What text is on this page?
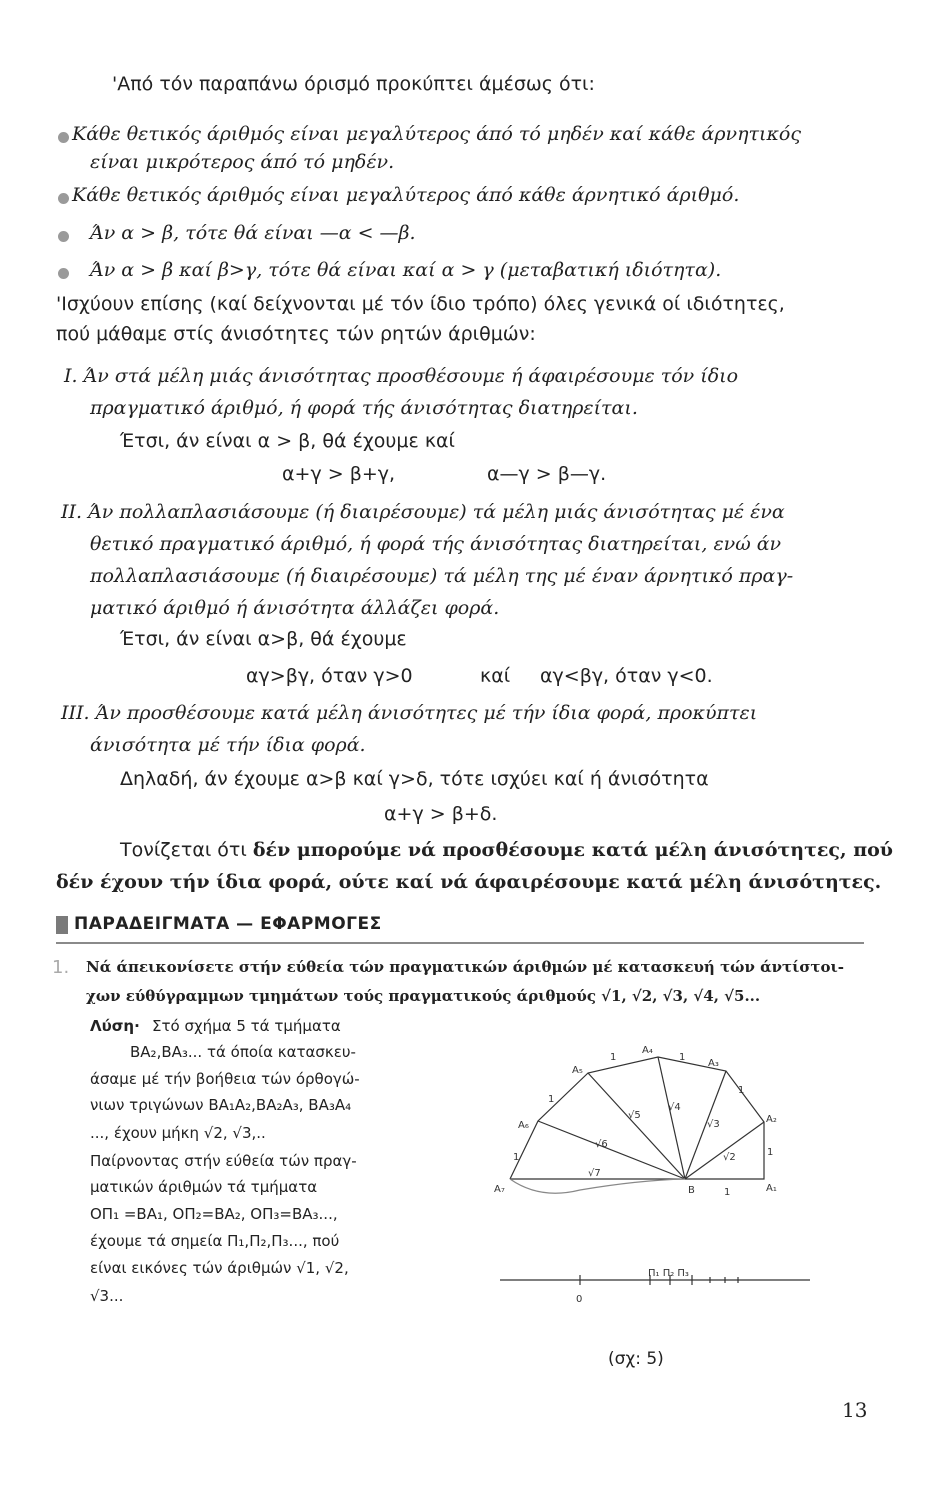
'Από τόν παραπάνω όρισμό προκύπτει άμέσως ότι:
Κάθε θετικός άριθμός είναι μεγαλύτερος άπό τό μηδέν καί κάθε άρνητικός
είναι μικρότερος άπό τό μηδέν.
Κάθε θετικός άριθμός είναι μεγαλύτερος άπό κάθε άρνητικό άριθμό.
Άν α > β, τότε θά είναι —α < —β.
Άν α > β καί β>γ, τότε θά είναι καί α > γ (μεταβατική ιδιότητα).
'Ισχύουν επίσης (καί δείχνονται μέ τόν ίδιο τρόπο) όλες γενικά οί ιδιότητες,
πού μάθαμε στίς άνισότητες τών ρητών άριθμών:
I. Άν στά μέλη μιάς άνισότητας προσθέσουμε ή άφαιρέσουμε τόν ίδιο
πραγματικό άριθμό, ή φορά τής άνισότητας διατηρείται.
Έτσι, άν είναι α > β, θά έχουμε καί
α+γ > β+γ,	α—γ > β—γ.
II. Άν πολλαπλασιάσουμε (ή διαιρέσουμε) τά μέλη μιάς άνισότητας μέ ένα
θετικό πραγματικό άριθμό, ή φορά τής άνισότητας διατηρείται, ενώ άν
πολλαπλασιάσουμε (ή διαιρέσουμε) τά μέλη της μέ έναν άρνητικό πραγ-
ματικό άριθμό ή άνισότητα άλλάζει φορά.
Έτσι, άν είναι α>β, θά έχουμε
αγ>βγ, όταν γ>0	καί αγ<βγ, όταν γ<0.
III. Άν προσθέσουμε κατά μέλη άνισότητες μέ τήν ίδια φορά, προκύπτει
άνισότητα μέ τήν ίδια φορά.
Δηλαδή, άν έχουμε α>β καί γ>δ, τότε ισχύει καί ή άνισότητα
α+γ > β+δ.
Τονίζεται ότι δέν μπορούμε νά προσθέσουμε κατά μέλη άνισότητες, πού
δέν έχουν τήν ίδια φορά, ούτε καί νά άφαιρέσουμε κατά μέλη άνισότητες.
ΠΑΡΑΔΕΙΓΜΑΤΑ — ΕΦΑΡΜΟΓΕΣ
1. Νά άπεικονίσετε στήν εύθεία τών πραγματικών άριθμών μέ κατασκευή τών άντίστοι-
χων εύθύγραμμων τμημάτων τούς πραγματικούς άριθμούς √1, √2, √3, √4, √5...
Λύση· Στό σχήμα 5 τά τμήματα
ΒΑ₂,ΒΑ₃... τά όποία κατασκευ-
άσαμε μέ τήν βοήθεια τών όρθογώ-
νιων τριγώνων ΒΑ₁Α₂,ΒΑ₂Α₃, ΒΑ₃Α₄
..., έχουν μήκη √2, √3,..
Παίρνοντας στήν εύθεία τών πραγ-
ματικών άριθμών τά τμήματα
ΟΠ₁ =ΒΑ₁, ΟΠ₂=ΒΑ₂, ΟΠ₃=ΒΑ₃...,
έχουμε τά σημεία Π₁,Π₂,Π₃..., πού
είναι εικόνες τών άριθμών √1, √2,
√3...
B	A₁
A₂
A₃
A₄
A₅
A₆
A₇	1
1
1
1
1
1
1	√2
√3
√4
√5
√6
√7
0
Π₁ Π₂ Π₃
(σχ: 5)
13
